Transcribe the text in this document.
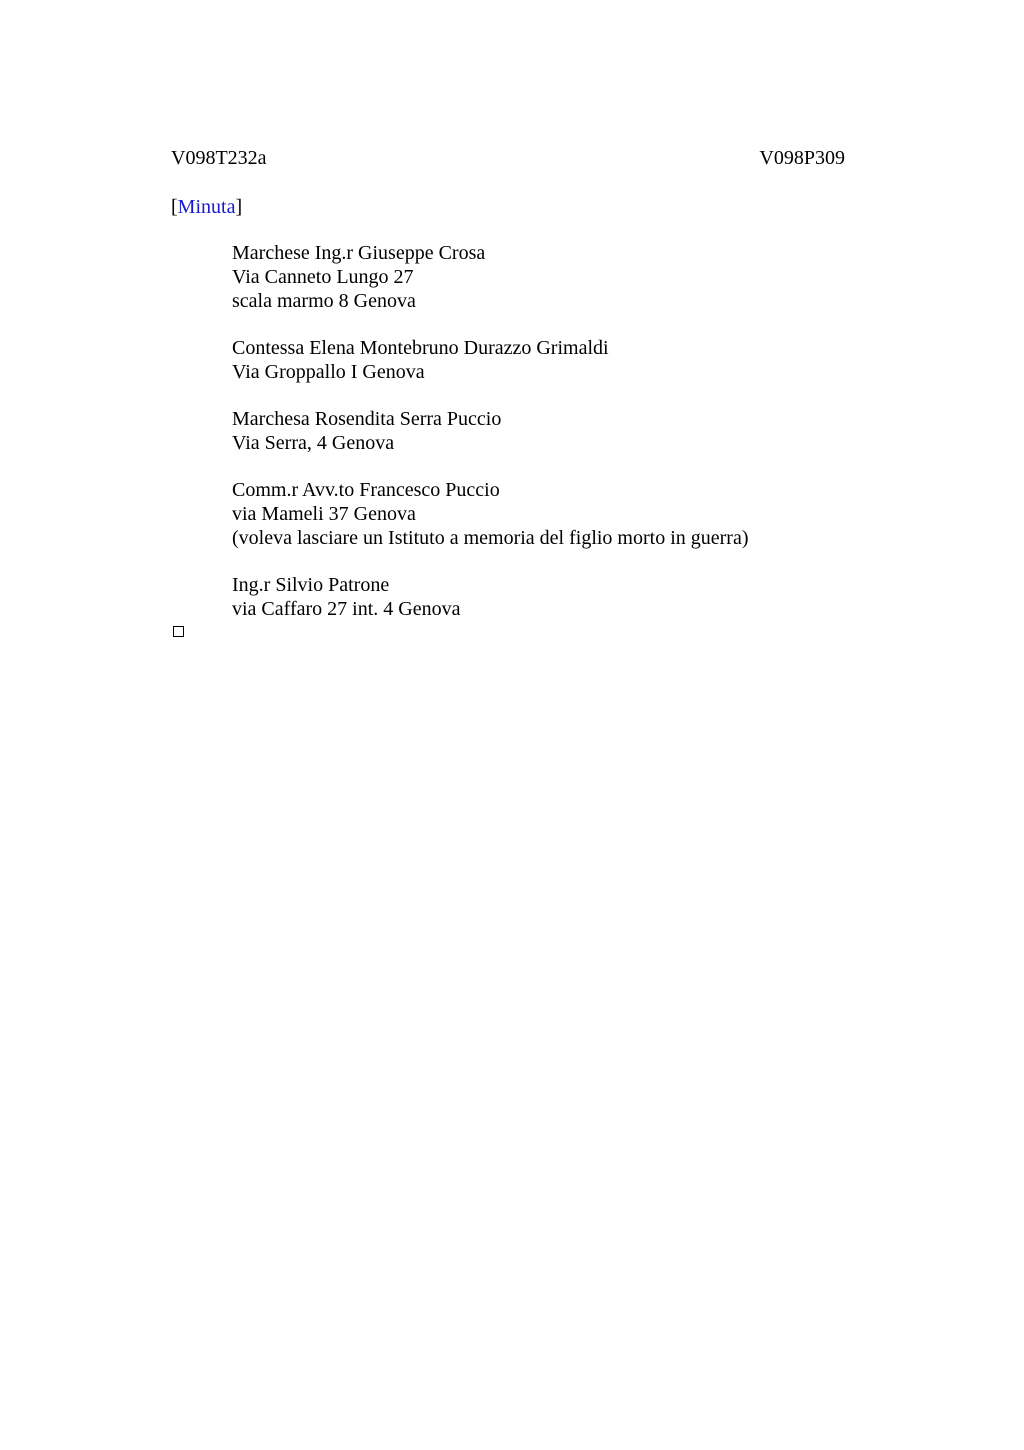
V098T232a	V098P309
[Minuta]
Marchese Ing.r Giuseppe Crosa
Via Canneto Lungo 27
scala marmo 8 Genova
Contessa Elena Montebruno Durazzo Grimaldi
Via Groppallo I Genova
Marchesa Rosendita Serra Puccio
Via Serra, 4 Genova
Comm.r Avv.to Francesco Puccio
via Mameli 37 Genova
(voleva lasciare un Istituto a memoria del figlio morto in guerra)
Ing.r Silvio Patrone
via Caffaro 27 int. 4 Genova
